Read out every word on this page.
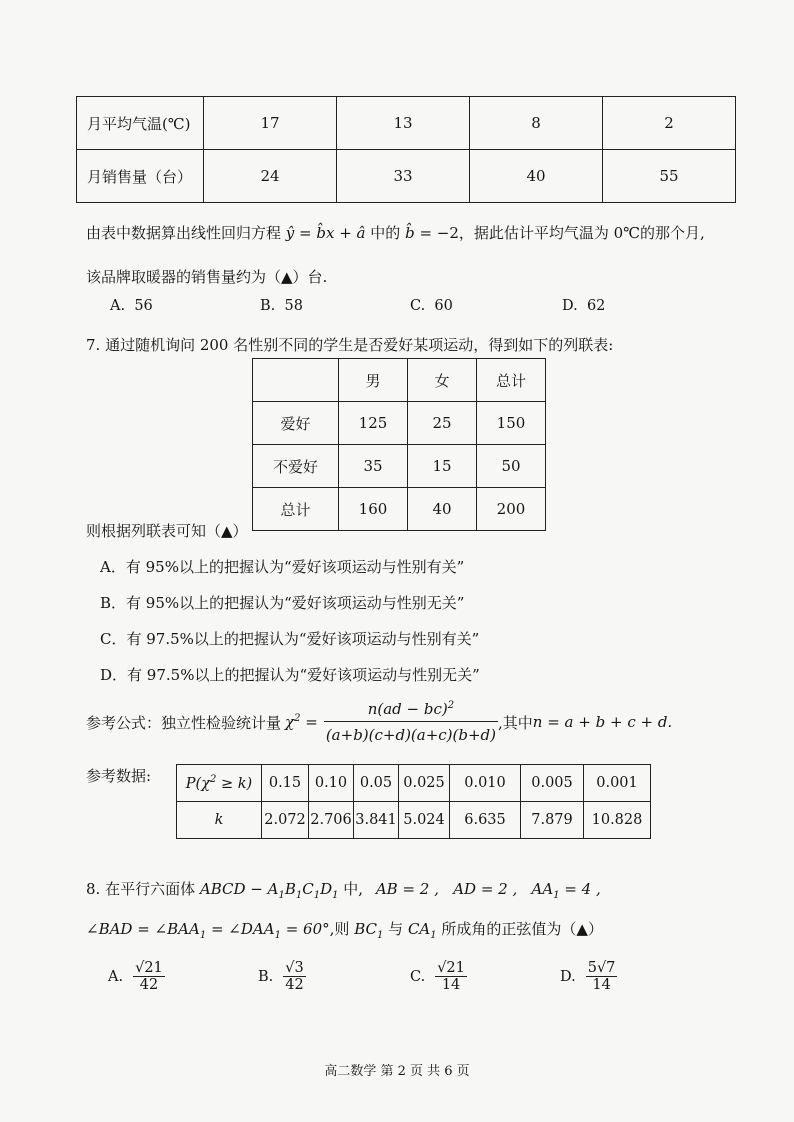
月平均气温(℃)	17	13	8	2
月销售量（台）	24	33	40	55
由表中数据算出线性回归方程 ŷ = b̂x + â 中的 b̂ = −2，据此估计平均气温为 0℃的那个月,
该品牌取暖器的销售量约为（▲）台.
A. 56	B. 58	C. 60	D. 62
7. 通过随机询问 200 名性别不同的学生是否爱好某项运动，得到如下的列联表:
	男	女	总计
爱好	125	25	150
不爱好	35	15	50
总计	160	40	200
则根据列联表可知（▲）
A．有 95%以上的把握认为“爱好该项运动与性别有关”
B．有 95%以上的把握认为“爱好该项运动与性别无关”
C．有 97.5%以上的把握认为“爱好该项运动与性别有关”
D．有 97.5%以上的把握认为“爱好该项运动与性别无关”
参考公式：独立性检验统计量 $\chi^2 = \frac{n(ad - bc)^2}{(a+b)(c+d)(a+c)(b+d)}$ ,其中 n = a + b + c + d.
参考数据: $P(\chi^2 \ge k)$	0.15	0.10	0.05	0.025	0.010	0.005	0.001
k	2.072	2.706	3.841	5.024	6.635	7.879	10.828
8. 在平行六面体 ABCD − $A_1B_1C_1D_1$ 中, AB = 2 ,   AD = 2 ,   $AA_1 = 4$ ,
∠BAD = $\angle BAA_1$ = $\angle DAA_1 = 60^\circ$,则 $BC_1$ 与 $CA_1$ 所成角的正弦值为（▲）
A. $\frac{√21}{42}$	B. $\frac{√3}{42}$	C. $\frac{√21}{14}$	D. $\frac{5√7}{14}$
高二数学 第 2 页 共 6 页
